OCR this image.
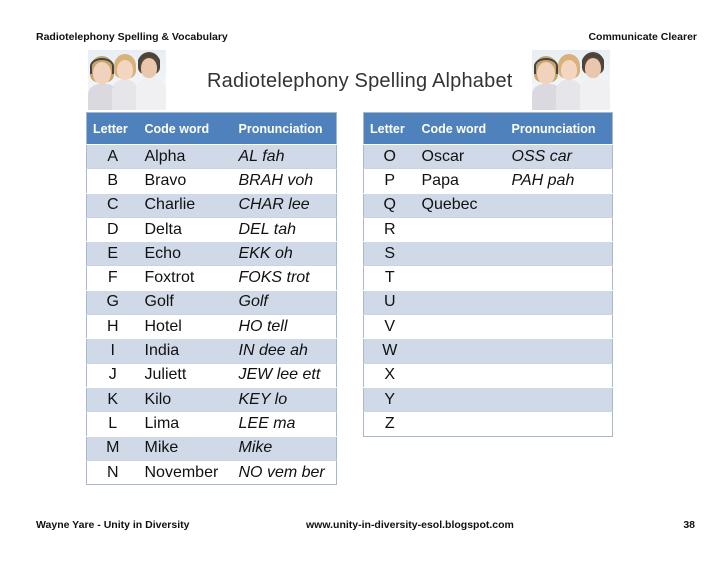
Radiotelephony Spelling & Vocabulary	Communicate Clearer
Radiotelephony Spelling Alphabet
Letter	Code word	Pronunciation
A	Alpha	AL fah
B	Bravo	BRAH voh
C	Charlie	CHAR lee
D	Delta	DEL tah
E	Echo	EKK oh
F	Foxtrot	FOKS trot
G	Golf	Golf
H	Hotel	HO tell
I	India	IN dee ah
J	Juliett	JEW lee ett
K	Kilo	KEY lo
L	Lima	LEE ma
M	Mike	Mike
N	November	NO vem ber
Letter	Code word	Pronunciation
O	Oscar	OSS car
P	Papa	PAH pah
Q	Quebec	
R		
S		
T		
U		
V		
W		
X		
Y		
Z		
Wayne Yare - Unity in Diversity	www.unity-in-diversity-esol.blogspot.com	38
